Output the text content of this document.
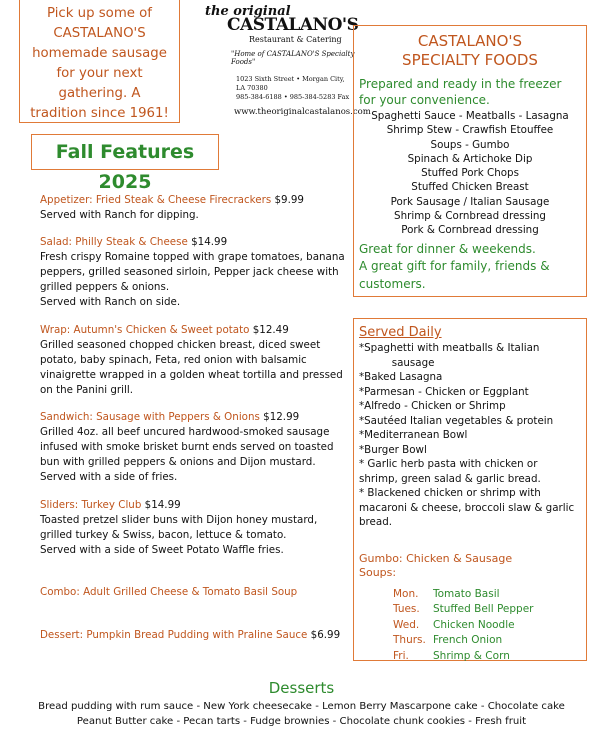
Pick up some of
CASTALANO'S
homemade sausage
for your next
gathering. A
tradition since 1961!
the original
CASTALANO'S
Restaurant & Catering
"Home of CASTALANO'S Specialty Foods"
1023 Sixth Street • Morgan City, LA 70380
985-384-6188 • 985-384-5283 Fax
www.theoriginalcastalanos.com
Fall Features 2025
Appetizer: Fried Steak & Cheese Firecrackers $9.99
Served with Ranch for dipping.
Salad: Philly Steak & Cheese $14.99
Fresh crispy Romaine topped with grape tomatoes, banana
peppers, grilled seasoned sirloin, Pepper jack cheese with
grilled peppers & onions.
Served with Ranch on side.
Wrap: Autumn's Chicken & Sweet potato $12.49
Grilled seasoned chopped chicken breast, diced sweet
potato, baby spinach, Feta, red onion with balsamic
vinaigrette wrapped in a golden wheat tortilla and pressed
on the Panini grill.
Sandwich: Sausage with Peppers & Onions $12.99
Grilled 4oz. all beef uncured hardwood-smoked sausage
infused with smoke brisket burnt ends served on toasted
bun with grilled peppers & onions and Dijon mustard.
Served with a side of fries.
Sliders: Turkey Club $14.99
Toasted pretzel slider buns with Dijon honey mustard,
grilled turkey & Swiss, bacon, lettuce & tomato.
Served with a side of Sweet Potato Waffle fries.
Combo: Adult Grilled Cheese & Tomato Basil Soup
Dessert: Pumpkin Bread Pudding with Praline Sauce $6.99
CASTALANO'S
SPECIALTY FOODS
Prepared and ready in the freezer
for your convenience.
Spaghetti Sauce - Meatballs - Lasagna
Shrimp Stew - Crawfish Etouffee
Soups - Gumbo
Spinach & Artichoke Dip
Stuffed Pork Chops
Stuffed Chicken Breast
Pork Sausage / Italian Sausage
Shrimp & Cornbread dressing
Pork & Cornbread dressing
Great for dinner & weekends.
A great gift for family, friends &
customers.
Served Daily
*Spaghetti with meatballs & Italian
sausage
*Baked Lasagna
*Parmesan - Chicken or Eggplant
*Alfredo - Chicken or Shrimp
*Sautéed Italian vegetables & protein
*Mediterranean Bowl
*Burger Bowl
* Garlic herb pasta with chicken or
shrimp, green salad & garlic bread.
* Blackened chicken or shrimp with
macaroni & cheese, broccoli slaw & garlic
bread.
Gumbo: Chicken & Sausage
Soups:
Mon.	Tomato Basil
Tues.	Stuffed Bell Pepper
Wed.	Chicken Noodle
Thurs.	French Onion
Fri.	Shrimp & Corn
Desserts
Bread pudding with rum sauce - New York cheesecake - Lemon Berry Mascarpone cake - Chocolate cake
Peanut Butter cake - Pecan tarts - Fudge brownies - Chocolate chunk cookies - Fresh fruit
